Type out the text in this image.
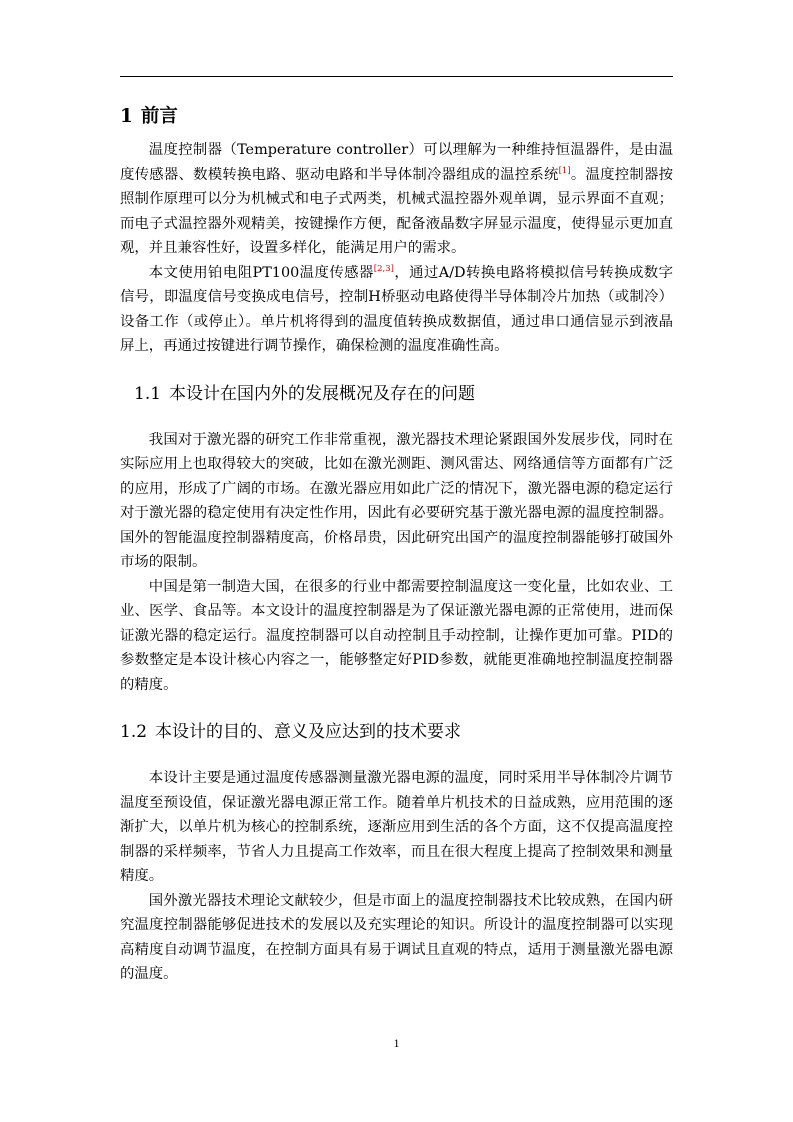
1 前言

温度控制器（Temperature controller）可以理解为一种维持恒温器件，是由温度传感器、数模转换电路、驱动电路和半导体制冷器组成的温控系统[1]。温度控制器按照制作原理可以分为机械式和电子式两类，机械式温控器外观单调，显示界面不直观；而电子式温控器外观精美，按键操作方便，配备液晶数字屏显示温度，使得显示更加直观，并且兼容性好，设置多样化，能满足用户的需求。

本文使用铂电阻PT100温度传感器[2,3]，通过A/D转换电路将模拟信号转换成数字信号，即温度信号变换成电信号，控制H桥驱动电路使得半导体制冷片加热（或制冷）设备工作（或停止）。单片机将得到的温度值转换成数据值，通过串口通信显示到液晶屏上，再通过按键进行调节操作，确保检测的温度准确性高。

1.1 本设计在国内外的发展概况及存在的问题

我国对于激光器的研究工作非常重视，激光器技术理论紧跟国外发展步伐，同时在实际应用上也取得较大的突破，比如在激光测距、测风雷达、网络通信等方面都有广泛的应用，形成了广阔的市场。在激光器应用如此广泛的情况下，激光器电源的稳定运行对于激光器的稳定使用有决定性作用，因此有必要研究基于激光器电源的温度控制器。国外的智能温度控制器精度高，价格昂贵，因此研究出国产的温度控制器能够打破国外市场的限制。

中国是第一制造大国，在很多的行业中都需要控制温度这一变化量，比如农业、工业、医学、食品等。本文设计的温度控制器是为了保证激光器电源的正常使用，进而保证激光器的稳定运行。温度控制器可以自动控制且手动控制，让操作更加可靠。PID的参数整定是本设计核心内容之一，能够整定好PID参数，就能更准确地控制温度控制器的精度。

1.2 本设计的目的、意义及应达到的技术要求

本设计主要是通过温度传感器测量激光器电源的温度，同时采用半导体制冷片调节温度至预设值，保证激光器电源正常工作。随着单片机技术的日益成熟，应用范围的逐渐扩大，以单片机为核心的控制系统，逐渐应用到生活的各个方面，这不仅提高温度控制器的采样频率，节省人力且提高工作效率，而且在很大程度上提高了控制效果和测量精度。

国外激光器技术理论文献较少，但是市面上的温度控制器技术比较成熟，在国内研究温度控制器能够促进技术的发展以及充实理论的知识。所设计的温度控制器可以实现高精度自动调节温度，在控制方面具有易于调试且直观的特点，适用于测量激光器电源的温度。

1
